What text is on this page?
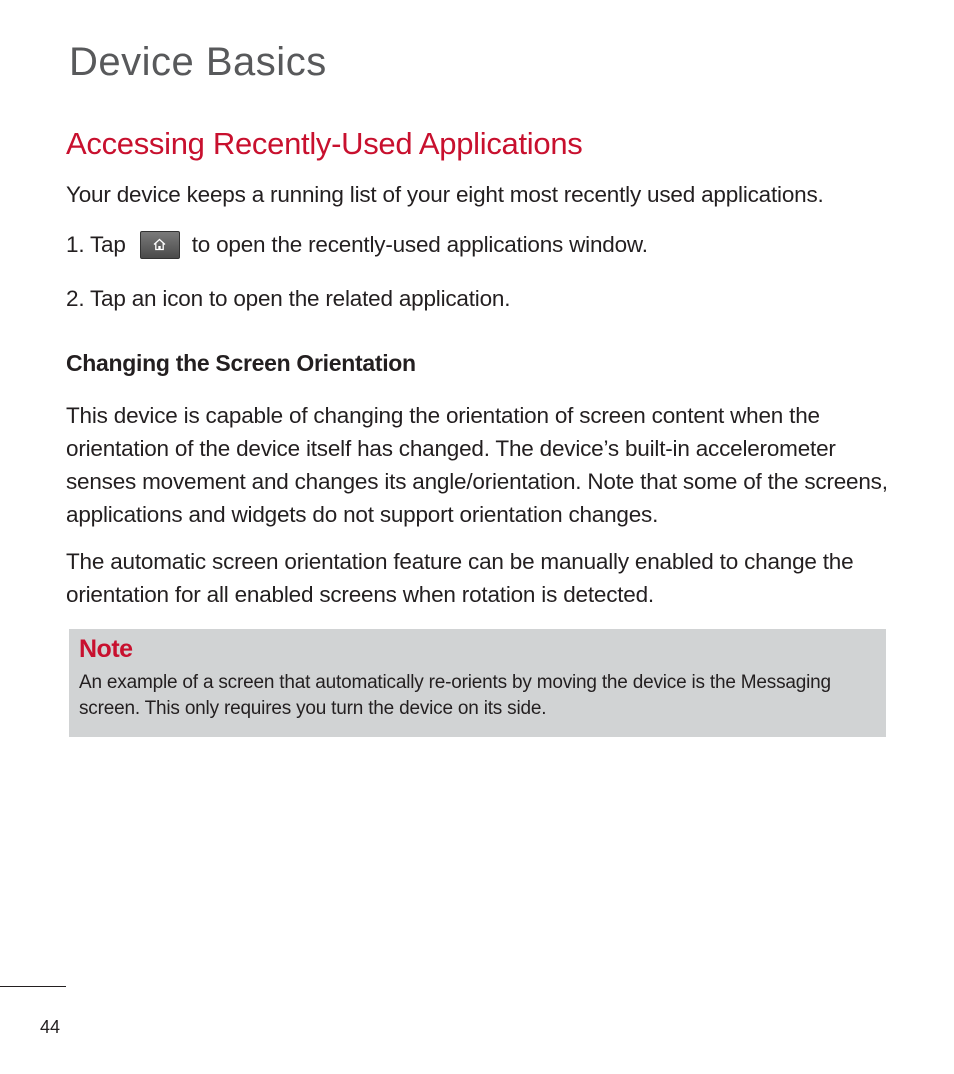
Device Basics
Accessing Recently-Used Applications

Your device keeps a running list of your eight most recently used applications.

1. Tap	to open the recently-used applications window.

2. Tap an icon to open the related application.

Changing the Screen Orientation

This device is capable of changing the orientation of screen content when the orientation of the device itself has changed. The device’s built-in accelerometer senses movement and changes its angle/orientation. Note that some of the screens, applications and widgets do not support orientation changes.

The automatic screen orientation feature can be manually enabled to change the orientation for all enabled screens when rotation is detected.

Note

An example of a screen that automatically re-orients by moving the device is the Messaging screen. This only requires you turn the device on its side.

44
